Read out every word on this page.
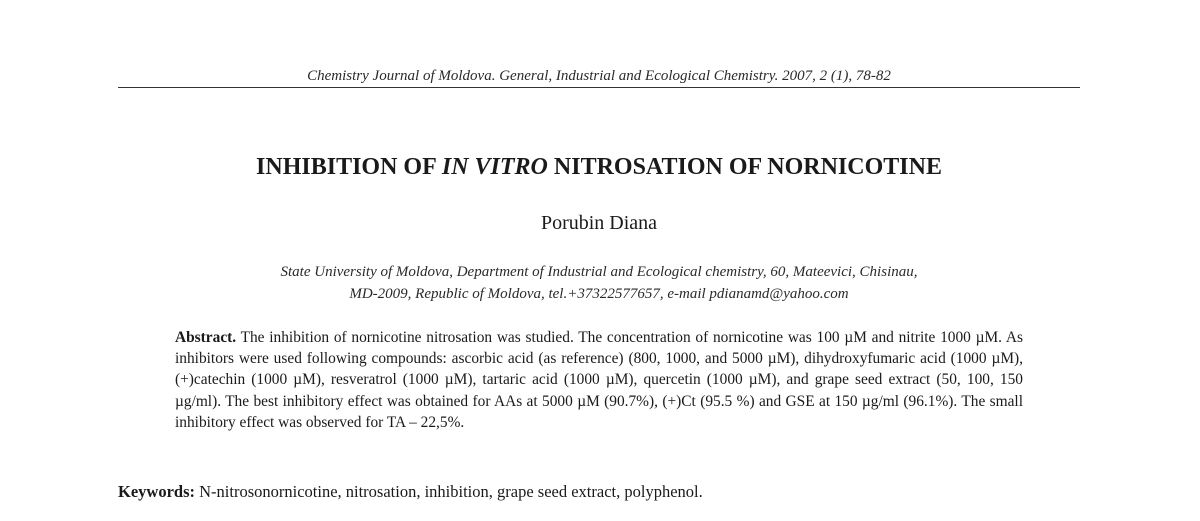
Chemistry Journal of Moldova. General, Industrial and Ecological Chemistry. 2007, 2 (1), 78-82
INHIBITION OF IN VITRO NITROSATION OF NORNICOTINE
Porubin Diana
State University of Moldova, Department of Industrial and Ecological chemistry, 60, Mateevici, Chisinau,
MD-2009, Republic of Moldova, tel.+37322577657, e-mail pdianamd@yahoo.com
Abstract. The inhibition of nornicotine nitrosation was studied. The concentration of nornicotine was 100 µM and nitrite 1000 µM. As inhibitors were used following compounds: ascorbic acid (as reference) (800, 1000, and 5000 µM), dihydroxyfumaric acid (1000 µM), (+)catechin (1000 µM), resveratrol (1000 µM), tartaric acid (1000 µM), quercetin (1000 µM), and grape seed extract (50, 100, 150 µg/ml). The best inhibitory effect was obtained for AAs at 5000 µM (90.7%), (+)Ct (95.5 %) and GSE at 150 µg/ml (96.1%). The small inhibitory effect was observed for TA – 22,5%.
Keywords: N-nitrosonornicotine, nitrosation, inhibition, grape seed extract, polyphenol.
